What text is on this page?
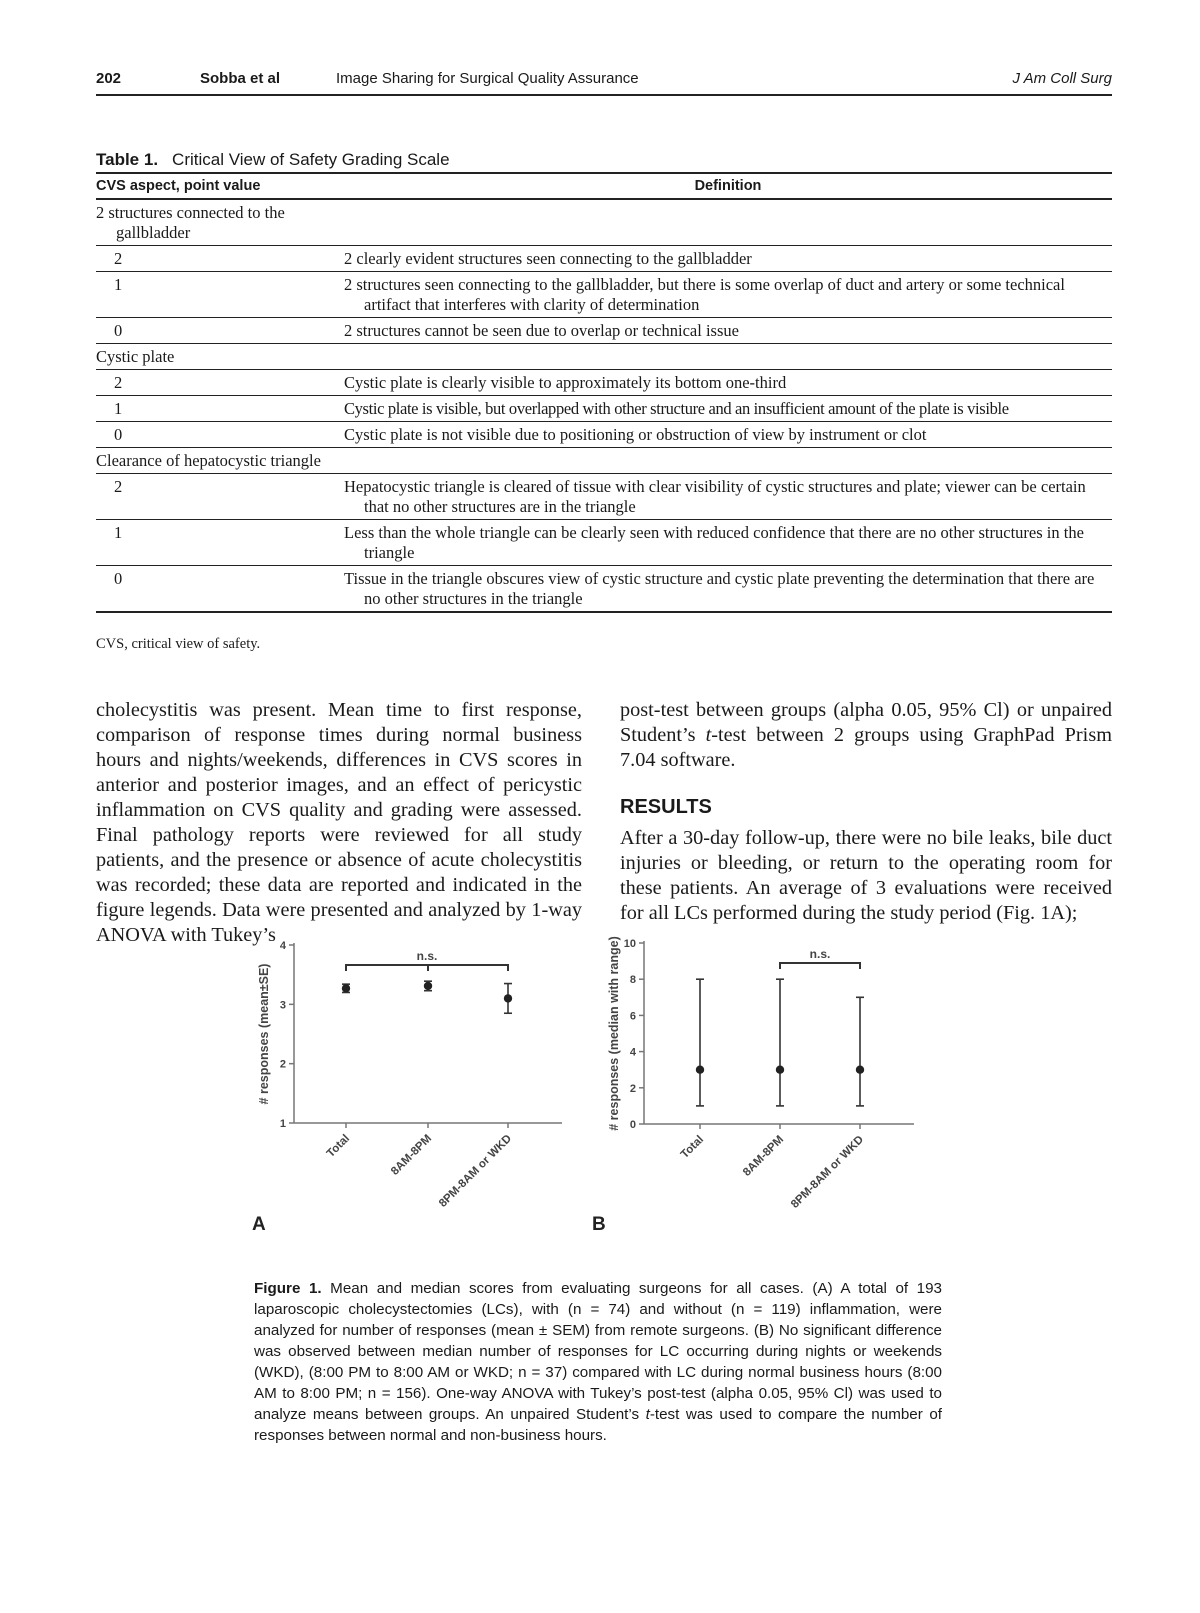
202	Sobba et al	Image Sharing for Surgical Quality Assurance	J Am Coll Surg
Table 1. Critical View of Safety Grading Scale
CVS aspect, point value	Definition

2 structures connected to the gallbladder	

2	2 clearly evident structures seen connecting to the gallbladder

1	2 structures seen connecting to the gallbladder, but there is some overlap of duct and artery or some technical artifact that interferes with clarity of determination

0	2 structures cannot be seen due to overlap or technical issue

Cystic plate	

2	Cystic plate is clearly visible to approximately its bottom one-third

1	Cystic plate is visible, but overlapped with other structure and an insufficient amount of the plate is visible

0	Cystic plate is not visible due to positioning or obstruction of view by instrument or clot

Clearance of hepatocystic triangle	

2	Hepatocystic triangle is cleared of tissue with clear visibility of cystic structures and plate; viewer can be certain that no other structures are in the triangle

1	Less than the whole triangle can be clearly seen with reduced confidence that there are no other structures in the triangle

0	Tissue in the triangle obscures view of cystic structure and cystic plate preventing the determination that there are no other structures in the triangle
CVS, critical view of safety.
cholecystitis was present. Mean time to first response, comparison of response times during normal business hours and nights/weekends, differences in CVS scores in anterior and posterior images, and an effect of pericystic inflammation on CVS quality and grading were assessed. Final pathology reports were reviewed for all study patients, and the presence or absence of acute cholecystitis was recorded; these data are reported and indicated in the figure legends. Data were presented and analyzed by 1-way ANOVA with Tukey’s
post-test between groups (alpha 0.05, 95% Cl) or unpaired Student’s t-test between 2 groups using GraphPad Prism 7.04 software.
RESULTS
After a 30-day follow-up, there were no bile leaks, bile duct injuries or bleeding, or return to the operating room for these patients. An average of 3 evaluations were received for all LCs performed during the study period (Fig. 1A);
1
2
3
4
# responses (mean±SE)
Total	8AM-8PM 8PM-8AM or WKD
n.s.
A
0
2
4
6
8
10
# responses (median with range)
Total	8AM-8PM 8PM-8AM or WKD
n.s.
B
Figure 1. Mean and median scores from evaluating surgeons for all cases. (A) A total of 193 laparoscopic cholecystectomies (LCs), with (n = 74) and without (n = 119) inflammation, were analyzed for number of responses (mean ± SEM) from remote surgeons. (B) No significant difference was observed between median number of responses for LC occurring during nights or weekends (WKD), (8:00 PM to 8:00 AM or WKD; n = 37) compared with LC during normal business hours (8:00 AM to 8:00 PM; n = 156). One-way ANOVA with Tukey’s post-test (alpha 0.05, 95% Cl) was used to analyze means between groups. An unpaired Student’s t-test was used to compare the number of responses between normal and non-business hours.
